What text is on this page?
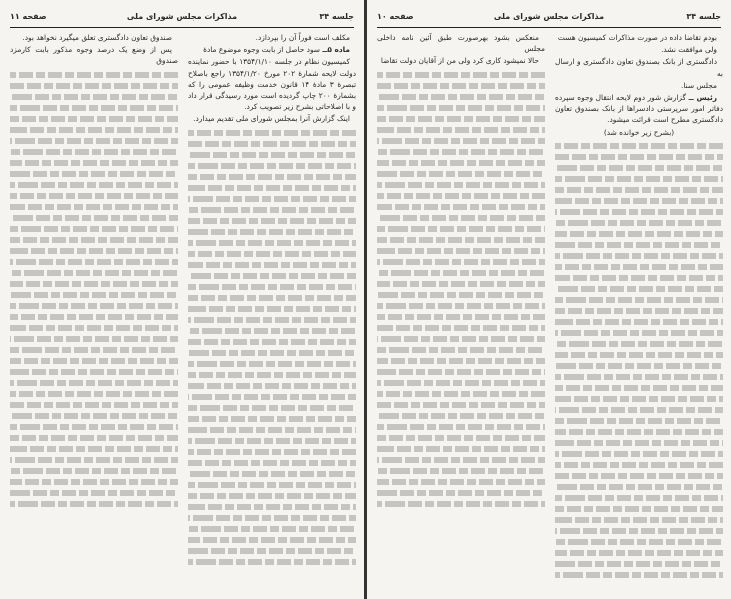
جلسه ۳۴
مذاکرات مجلس شورای ملی
صفحه ۱۱

مکلف است فوراً آن را بپردازد.

ماده ۵ــ سود حاصل از بابت وجوه موضوع مادهٔ

کمیسیون نظام در جلسه ۱۳۵۴/۱/۱۰ با حضور نماینده دولت لایحه شمارهٔ ۲۰۲ مورخ ۱۳۵۴/۱/۲۰ راجع باصلاح تبصرهٔ ۳ مادهٔ ۱۴ قانون خدمت وظیفه عمومی را که بشمارهٔ ۲۰۰ چاپ گردیده است مورد رسیدگی قرار داد و با اصلاحاتی بشرح زیر تصویب کرد.

اینک گزارش آنرا بمجلس شورای ملی تقدیم میدارد.

صندوق تعاون دادگستری تعلق میگیرد نخواهد بود.

پس از وضع یک درصد وجوه مذکور بابت کارمزد صندوق

جلسه ۳۴
مذاکرات مجلس شورای ملی
صفحه ۱۰

بودم تقاضا داده در صورت مذاکرات کمیسیون هست

ولی موافقت نشد.

دادگستری از بانک بصندوق تعاون دادگستری و ارسال به

مجلس سنا.

رئیس ــ گزارش شور دوم لایحه انتقال وجوه سپرده دفاتر امور سرپرستی دادسراها از بانک بصندوق تعاون دادگستری مطرح است قرائت میشود.

(بشرح زیر خوانده شد)

منعکس بشود بهرصورت طبق آئین نامه داخلی مجلس

حالا نمیشود کاری کرد ولی من از آقایان دولت تقاضا
